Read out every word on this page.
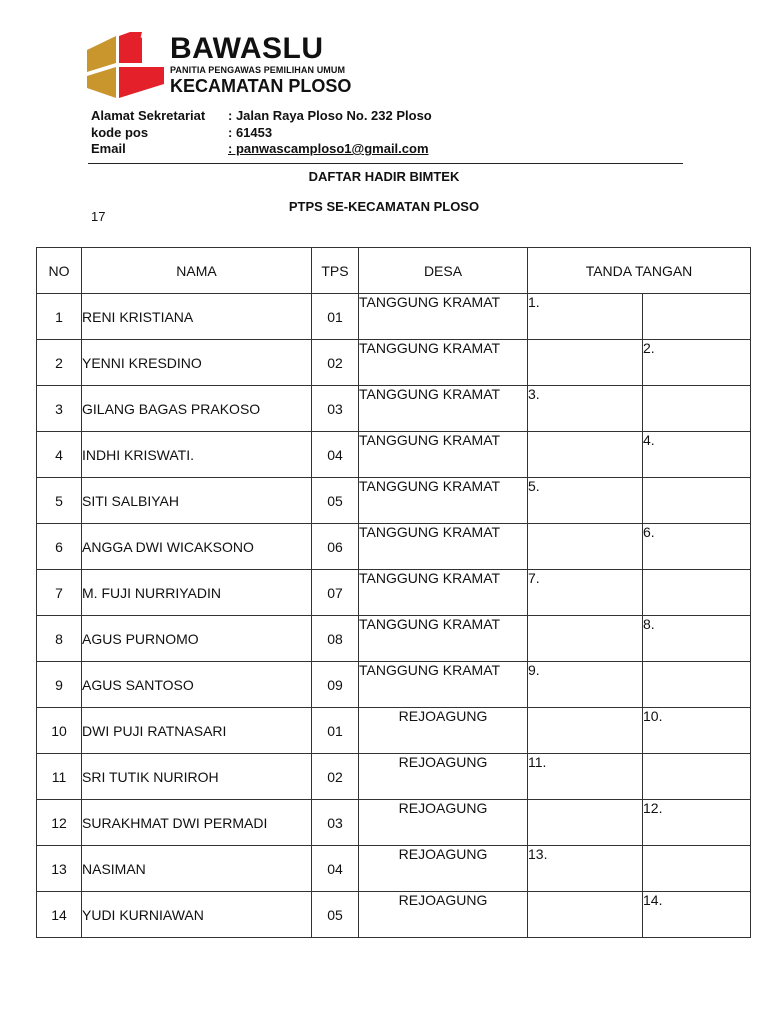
BAWASLU
PANITIA PENGAWAS PEMILIHAN UMUM
KECAMATAN PLOSO
Alamat Sekretariat	: Jalan Raya Ploso No. 232 Ploso
kode pos	: 61453
Email	: panwascamploso1@gmail.com
DAFTAR HADIR BIMTEK
17
PTPS SE-KECAMATAN PLOSO
NO	NAMA	TPS	DESA	TANDA TANGAN	
1	RENI KRISTIANA	01	TANGGUNG KRAMAT	1.	
2	YENNI KRESDINO	02	TANGGUNG KRAMAT		2.
3	GILANG BAGAS PRAKOSO	03	TANGGUNG KRAMAT	3.	
4	INDHI KRISWATI.	04	TANGGUNG KRAMAT		4.
5	SITI SALBIYAH	05	TANGGUNG KRAMAT	5.	
6	ANGGA DWI WICAKSONO	06	TANGGUNG KRAMAT		6.
7	M. FUJI NURRIYADIN	07	TANGGUNG KRAMAT	7.	
8	AGUS PURNOMO	08	TANGGUNG KRAMAT		8.
9	AGUS SANTOSO	09	TANGGUNG KRAMAT	9.	
10	DWI PUJI RATNASARI	01	REJOAGUNG		10.
11	SRI TUTIK NURIROH	02	REJOAGUNG	11.	
12	SURAKHMAT DWI PERMADI	03	REJOAGUNG		12.
13	NASIMAN	04	REJOAGUNG	13.	
14	YUDI KURNIAWAN	05	REJOAGUNG		14.
